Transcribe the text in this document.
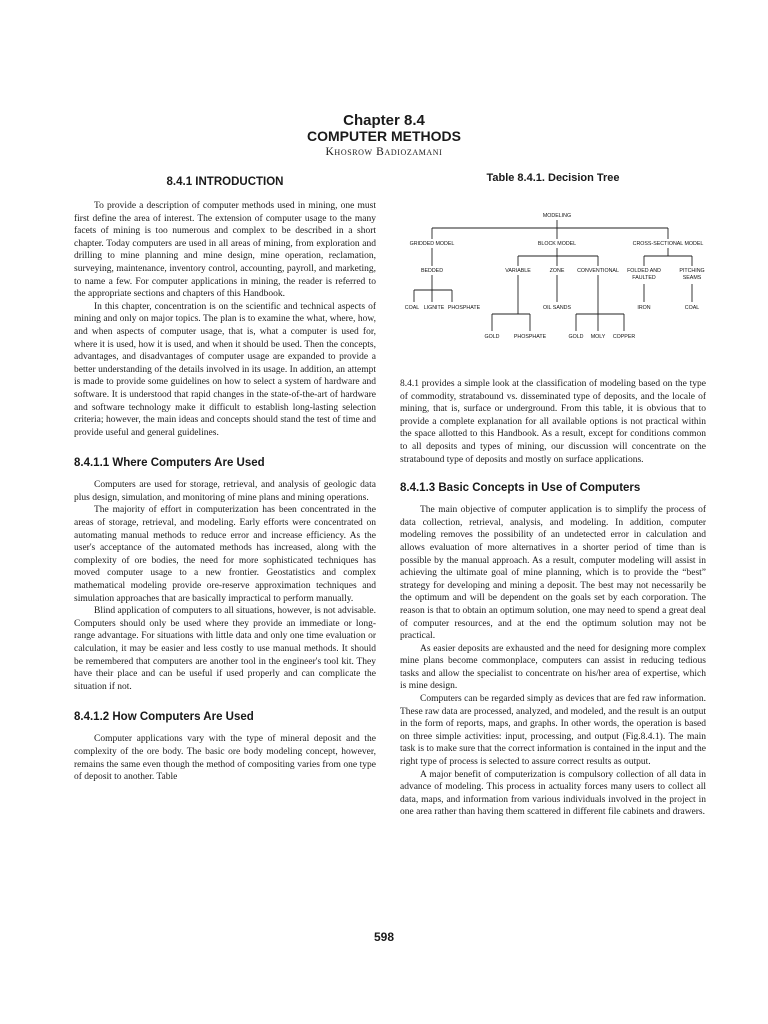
Chapter 8.4
COMPUTER METHODS
Khosrow Badiozamani

8.4.1 INTRODUCTION

To provide a description of computer methods used in mining, one must first define the area of interest. The extension of computer usage to the many facets of mining is too numerous and complex to be described in a short chapter. Today computers are used in all areas of mining, from exploration and drilling to mine planning and mine design, mine operation, reclamation, surveying, maintenance, inventory control, accounting, payroll, and marketing, to name a few. For computer applications in mining, the reader is referred to the appropriate sections and chapters of this Handbook.

In this chapter, concentration is on the scientific and technical aspects of mining and only on major topics. The plan is to examine the what, where, how, and when aspects of computer usage, that is, what a computer is used for, where it is used, how it is used, and when it should be used. Then the concepts, advantages, and disadvantages of computer usage are expanded to provide a better understanding of the details involved in its usage. In addition, an attempt is made to provide some guidelines on how to select a system of hardware and software. It is understood that rapid changes in the state-of-the-art of hardware and software technology make it difficult to establish long-lasting selection criteria; however, the main ideas and concepts should stand the test of time and provide useful and general guidelines.

8.4.1.1 Where Computers Are Used

Computers are used for storage, retrieval, and analysis of geologic data plus design, simulation, and monitoring of mine plans and mining operations.

The majority of effort in computerization has been concentrated in the areas of storage, retrieval, and modeling. Early efforts were concentrated on automating manual methods to reduce error and increase efficiency. As the user's acceptance of the automated methods has increased, along with the complexity of ore bodies, the need for more sophisticated techniques has moved computer usage to a new frontier. Geostatistics and complex mathematical modeling provide ore-reserve approximation techniques and simulation approaches that are basically impractical to perform manually.

Blind application of computers to all situations, however, is not advisable. Computers should only be used where they provide an immediate or long-range advantage. For situations with little data and only one time evaluation or calculation, it may be easier and less costly to use manual methods. It should be remembered that computers are another tool in the engineer's tool kit. They have their place and can be useful if used properly and can complicate the situation if not.

8.4.1.2 How Computers Are Used

Computer applications vary with the type of mineral deposit and the complexity of the ore body. The basic ore body modeling concept, however, remains the same even though the method of compositing varies from one type of deposit to another. Table

Table 8.4.1. Decision Tree

MODELING
GRIDDED MODEL	BLOCK MODEL	CROSS-SECTIONAL MODEL
BEDDED	VARIABLE	ZONE CONVENTIONAL FOLDED AND
FAULTED
PITCHING
SEAMS
COAL LIGNITE PHOSPHATE	OIL SANDS	IRON	COAL
GOLD	PHOSPHATE	GOLD MOLY COPPER

8.4.1 provides a simple look at the classification of modeling based on the type of commodity, stratabound vs. disseminated type of deposits, and the locale of mining, that is, surface or underground. From this table, it is obvious that to provide a complete explanation for all available options is not practical within the space allotted to this Handbook. As a result, except for conditions common to all deposits and types of mining, our discussion will concentrate on the stratabound type of deposits and mostly on surface applications.

8.4.1.3 Basic Concepts in Use of Computers

The main objective of computer application is to simplify the process of data collection, retrieval, analysis, and modeling. In addition, computer modeling removes the possibility of an undetected error in calculation and allows evaluation of more alternatives in a shorter period of time than is possible by the manual approach. As a result, computer modeling will assist in achieving the ultimate goal of mine planning, which is to provide the “best” strategy for developing and mining a deposit. The best may not necessarily be the optimum and will be dependent on the goals set by each corporation. The reason is that to obtain an optimum solution, one may need to spend a great deal of computer resources, and at the end the optimum solution may not be practical.

As easier deposits are exhausted and the need for designing more complex mine plans become commonplace, computers can assist in reducing tedious tasks and allow the specialist to concentrate on his/her area of expertise, which is mine design.

Computers can be regarded simply as devices that are fed raw information. These raw data are processed, analyzed, and modeled, and the result is an output in the form of reports, maps, and graphs. In other words, the operation is based on three simple activities: input, processing, and output (Fig.8.4.1). The main task is to make sure that the correct information is contained in the input and the right type of process is selected to assure correct results as output.

A major benefit of computerization is compulsory collection of all data in advance of modeling. This process in actuality forces many users to collect all data, maps, and information from various individuals involved in the project in one area rather than having them scattered in different file cabinets and drawers.

598
